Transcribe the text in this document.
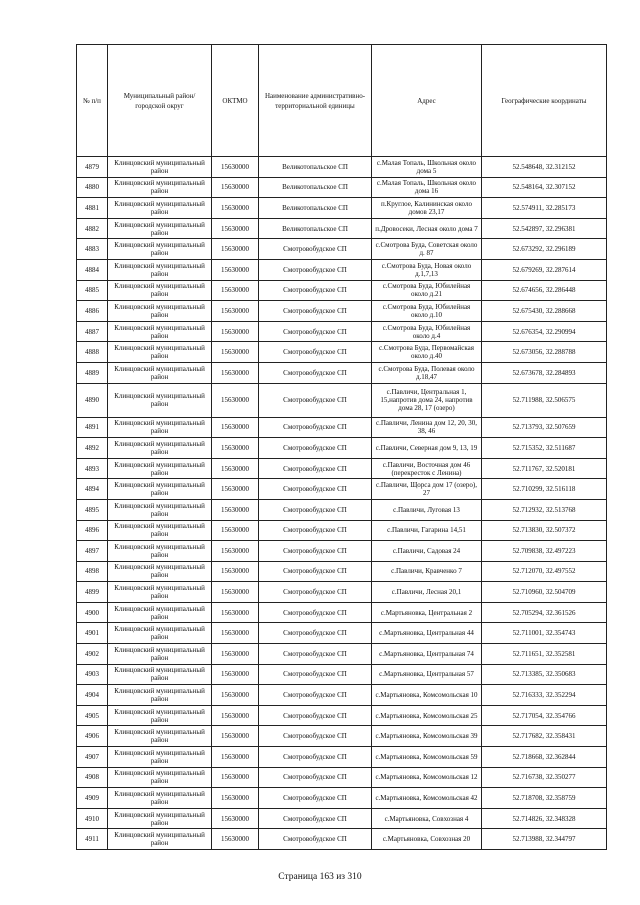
№ п/п	Муниципальный район/городской округ	ОКТМО	Наименование административно-территориальной единицы	Адрес	Географические координаты
4879	Клинцовский муниципальный район	15630000	Великотопальское СП	с.Малая Топаль, Школьная около дома 5	52.548648, 32.312152
4880	Клинцовский муниципальный район	15630000	Великотопальское СП	с.Малая Топаль, Школьная около дома 16	52.548164, 32.307152
4881	Клинцовский муниципальный район	15630000	Великотопальское СП	п.Круглое, Калининская около домов 23,17	52.574911, 32.285173
4882	Клинцовский муниципальный район	15630000	Великотопальское СП	п.Дровосеки, Лесная около дома 7	52.542897, 32.296381
4883	Клинцовский муниципальный район	15630000	Смотровобудское СП	с.Смотрова Буда, Советская около д. 87	52.673292, 32.296189
4884	Клинцовский муниципальный район	15630000	Смотровобудское СП	с.Смотрова Буда, Новая около д.1,7,13	52.679269, 32.287614
4885	Клинцовский муниципальный район	15630000	Смотровобудское СП	с.Смотрова Буда, Юбилейная около д.21	52.674656, 32.286448
4886	Клинцовский муниципальный район	15630000	Смотровобудское СП	с.Смотрова Буда, Юбилейная около д.10	52.675430, 32.288668
4887	Клинцовский муниципальный район	15630000	Смотровобудское СП	с.Смотрова Буда, Юбилейная около д.4	52.676354, 32.290994
4888	Клинцовский муниципальный район	15630000	Смотровобудское СП	с.Смотрова Буда, Первомайская около д.40	52.673056, 32.288788
4889	Клинцовский муниципальный район	15630000	Смотровобудское СП	с.Смотрова Буда, Полевая около д.18,47	52.673678, 32.284893
4890	Клинцовский муниципальный район	15630000	Смотровобудское СП	с.Павличи, Центральная 1, 15,напротив дома 24, напротив дома 28, 17 (озеро)	52.711988, 32.506575
4891	Клинцовский муниципальный район	15630000	Смотровобудское СП	с.Павличи, Ленина дом 12, 20, 30, 38, 46	52.713793, 32.507659
4892	Клинцовский муниципальный район	15630000	Смотровобудское СП	с.Павличи, Северная дом 9, 13, 19	52.715352, 32.511687
4893	Клинцовский муниципальный район	15630000	Смотровобудское СП	с.Павличи, Восточная дом 46 (перекресток с Ленина)	52.711767, 32.520181
4894	Клинцовский муниципальный район	15630000	Смотровобудское СП	с.Павличи, Щорса дом 17 (озеро), 27	52.710299, 32.516118
4895	Клинцовский муниципальный район	15630000	Смотровобудское СП	с.Павличи, Луговая 13	52.712932, 32.513768
4896	Клинцовский муниципальный район	15630000	Смотровобудское СП	с.Павличи, Гагарина 14,51	52.713830, 32.507372
4897	Клинцовский муниципальный район	15630000	Смотровобудское СП	с.Павличи, Садовая 24	52.709838, 32.497223
4898	Клинцовский муниципальный район	15630000	Смотровобудское СП	с.Павличи, Кравченко 7	52.712070, 32.497552
4899	Клинцовский муниципальный район	15630000	Смотровобудское СП	с.Павличи, Лесная 20,1	52.710960, 32.504709
4900	Клинцовский муниципальный район	15630000	Смотровобудское СП	с.Мартьяновка, Центральная 2	52.705294, 32.361526
4901	Клинцовский муниципальный район	15630000	Смотровобудское СП	с.Мартьяновка, Центральная 44	52.711001, 32.354743
4902	Клинцовский муниципальный район	15630000	Смотровобудское СП	с.Мартьяновка, Центральная 74	52.711651, 32.352581
4903	Клинцовский муниципальный район	15630000	Смотровобудское СП	с.Мартьяновка, Центральная 57	52.713385, 32.350683
4904	Клинцовский муниципальный район	15630000	Смотровобудское СП	с.Мартьяновка, Комсомольская 10	52.716333, 32.352294
4905	Клинцовский муниципальный район	15630000	Смотровобудское СП	с.Мартьяновка, Комсомольская 25	52.717054, 32.354766
4906	Клинцовский муниципальный район	15630000	Смотровобудское СП	с.Мартьяновка, Комсомольская 39	52.717682, 32.358431
4907	Клинцовский муниципальный район	15630000	Смотровобудское СП	с.Мартьяновка, Комсомольская 59	52.718668, 32.362844
4908	Клинцовский муниципальный район	15630000	Смотровобудское СП	с.Мартьяновка, Комсомольская 12	52.716738, 32.350277
4909	Клинцовский муниципальный район	15630000	Смотровобудское СП	с.Мартьяновка, Комсомольская 42	52.718708, 32.358759
4910	Клинцовский муниципальный район	15630000	Смотровобудское СП	с.Мартьяновка, Совхозная 4	52.714826, 32.348328
4911	Клинцовский муниципальный район	15630000	Смотровобудское СП	с.Мартьяновка, Совхозная 20	52.713988, 32.344797
Страница 163 из 310
